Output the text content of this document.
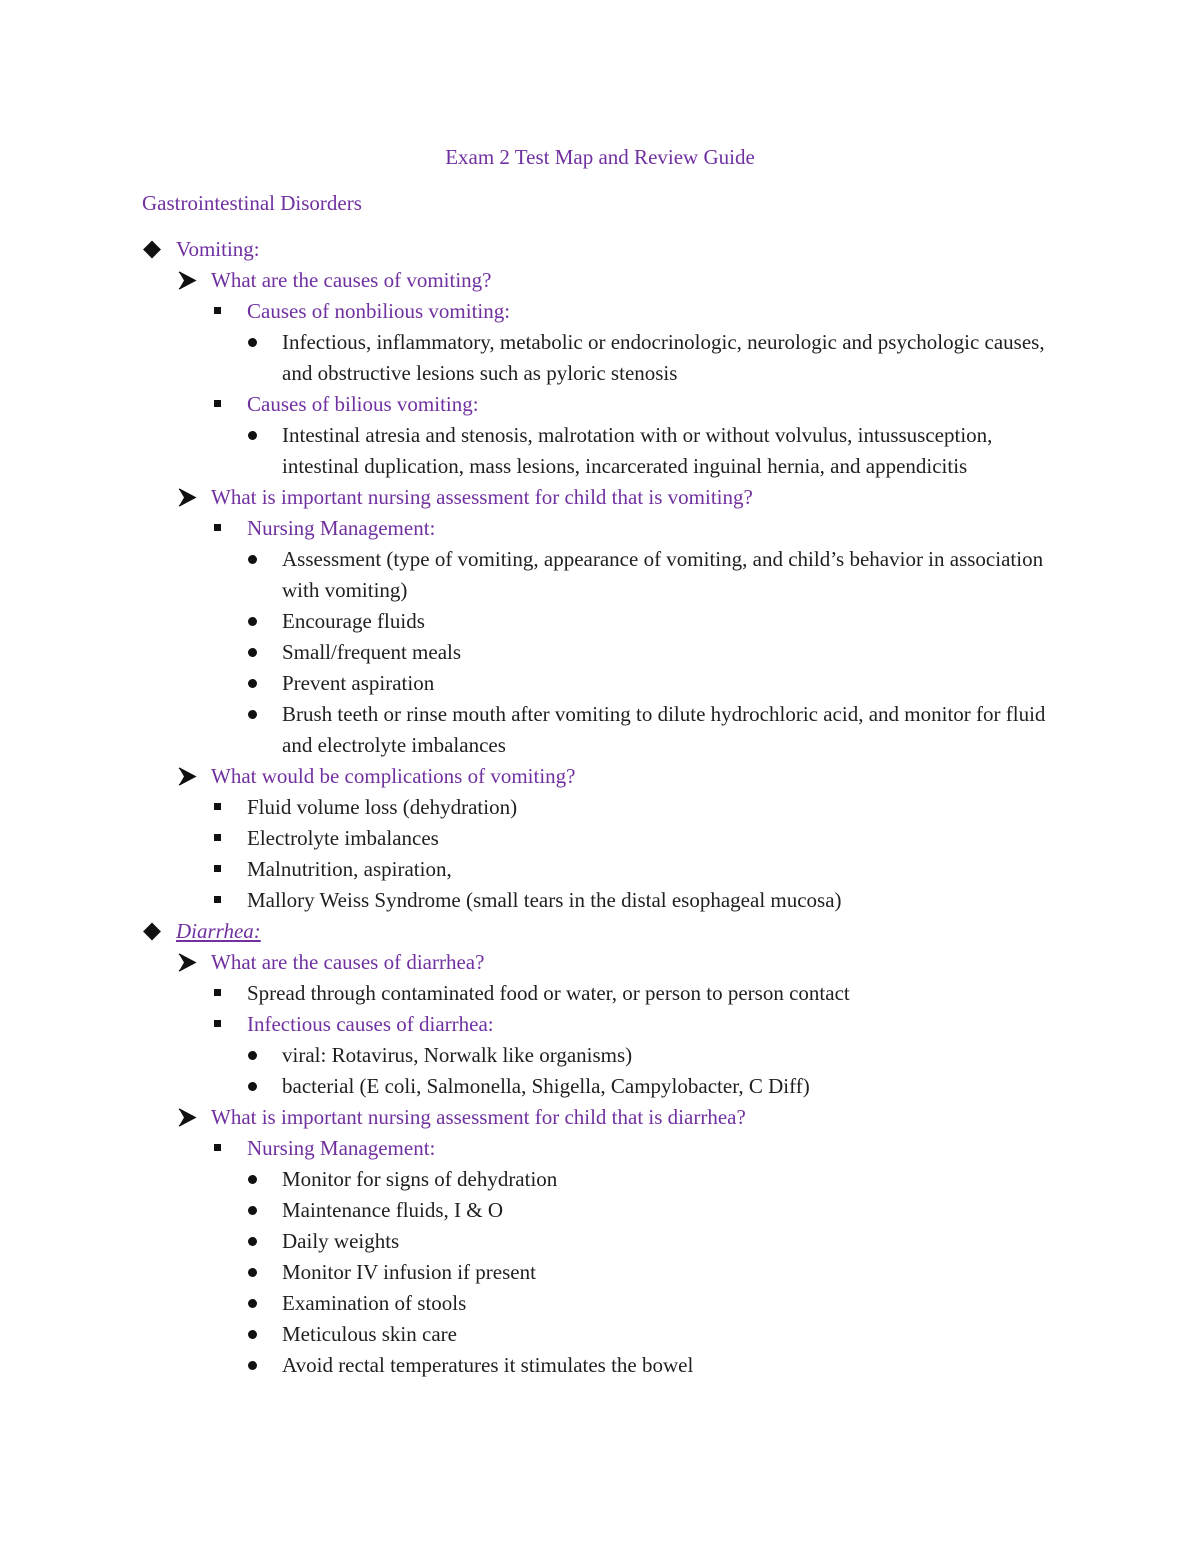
Exam 2 Test Map and Review Guide
Gastrointestinal Disorders
Vomiting:
What are the causes of vomiting?
Causes of nonbilious vomiting:
Infectious, inflammatory, metabolic or endocrinologic, neurologic and psychologic causes, and obstructive lesions such as pyloric stenosis
Causes of bilious vomiting:
Intestinal atresia and stenosis, malrotation with or without volvulus, intussusception, intestinal duplication, mass lesions, incarcerated inguinal hernia, and appendicitis
What is important nursing assessment for child that is vomiting?
Nursing Management:
Assessment (type of vomiting, appearance of vomiting, and child’s behavior in association with vomiting)
Encourage fluids
Small/frequent meals
Prevent aspiration
Brush teeth or rinse mouth after vomiting to dilute hydrochloric acid, and monitor for fluid and electrolyte imbalances
What would be complications of vomiting?
Fluid volume loss (dehydration)
Electrolyte imbalances
Malnutrition, aspiration,
Mallory Weiss Syndrome (small tears in the distal esophageal mucosa)
Diarrhea:
What are the causes of diarrhea?
Spread through contaminated food or water, or person to person contact
Infectious causes of diarrhea:
viral: Rotavirus, Norwalk like organisms)
bacterial (E coli, Salmonella, Shigella, Campylobacter, C Diff)
What is important nursing assessment for child that is diarrhea?
Nursing Management:
Monitor for signs of dehydration
Maintenance fluids, I & O
Daily weights
Monitor IV infusion if present
Examination of stools
Meticulous skin care
Avoid rectal temperatures it stimulates the bowel
